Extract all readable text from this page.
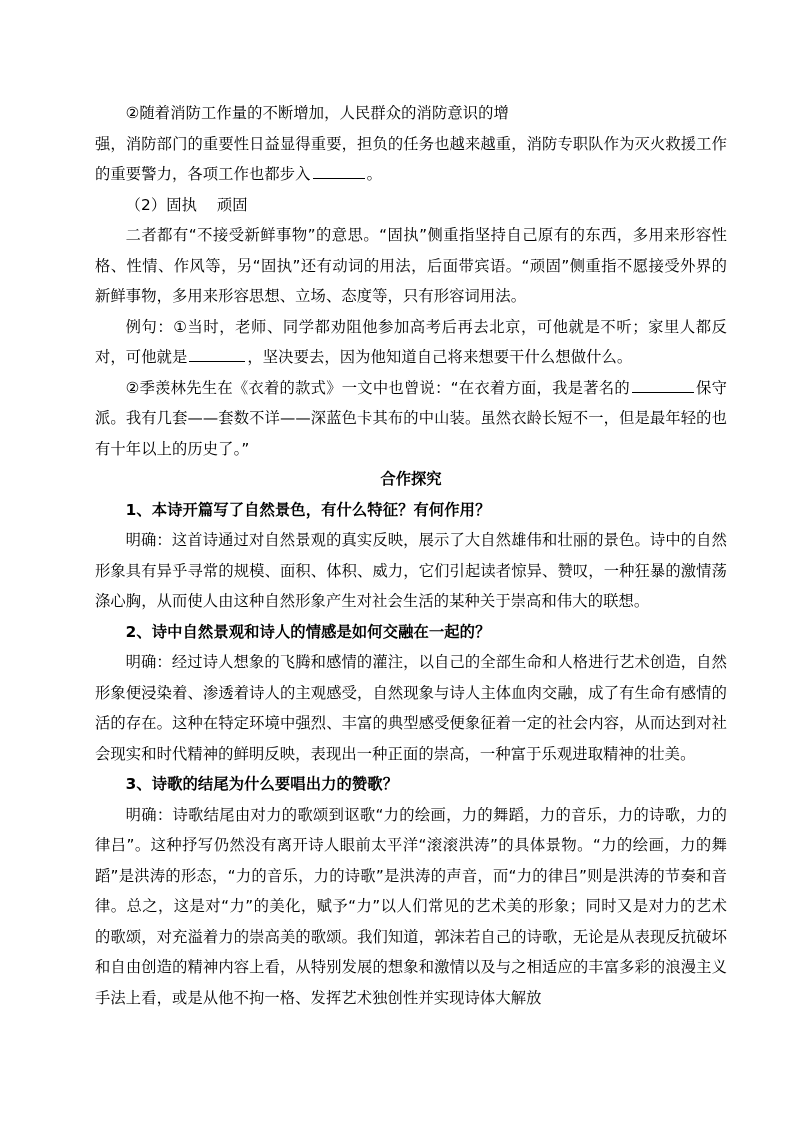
②随着消防工作量的不断增加，人民群众的消防意识的增

强，消防部门的重要性日益显得重要，担负的任务也越来越重，消防专职队作为灭火救援工作的重要警力，各项工作也都步入	。

（2）固执    顽固

二者都有“不接受新鲜事物”的意思。“固执”侧重指坚持自己原有的东西，多用来形容性格、性情、作风等，另“固执”还有动词的用法，后面带宾语。“顽固”侧重指不愿接受外界的新鲜事物，多用来形容思想、立场、态度等，只有形容词用法。

例句：①当时，老师、同学都劝阻他参加高考后再去北京，可他就是不听；家里人都反对，可他就是	，坚决要去，因为他知道自己将来想要干什么想做什么。

②季羡林先生在《衣着的款式》一文中也曾说：“在衣着方面，我是著名的	保守派。我有几套——套数不详——深蓝色卡其布的中山装。虽然衣龄长短不一，但是最年轻的也有十年以上的历史了。”

合作探究

1、本诗开篇写了自然景色，有什么特征？有何作用？

明确：这首诗通过对自然景观的真实反映，展示了大自然雄伟和壮丽的景色。诗中的自然形象具有异乎寻常的规模、面积、体积、威力，它们引起读者惊异、赞叹，一种狂暴的激情荡涤心胸，从而使人由这种自然形象产生对社会生活的某种关于崇高和伟大的联想。

2、诗中自然景观和诗人的情感是如何交融在一起的？

明确：经过诗人想象的飞腾和感情的灌注，以自己的全部生命和人格进行艺术创造，自然形象便浸染着、渗透着诗人的主观感受，自然现象与诗人主体血肉交融，成了有生命有感情的活的存在。这种在特定环境中强烈、丰富的典型感受便象征着一定的社会内容，从而达到对社会现实和时代精神的鲜明反映，表现出一种正面的崇高，一种富于乐观进取精神的壮美。

3、诗歌的结尾为什么要唱出力的赞歌？

明确：诗歌结尾由对力的歌颂到讴歌“力的绘画，力的舞蹈，力的音乐，力的诗歌，力的律吕”。这种抒写仍然没有离开诗人眼前太平洋“滚滚洪涛”的具体景物。“力的绘画，力的舞蹈”是洪涛的形态，“力的音乐，力的诗歌”是洪涛的声音，而“力的律吕”则是洪涛的节奏和音律。总之，这是对“力”的美化，赋予“力”以人们常见的艺术美的形象；同时又是对力的艺术的歌颂，对充溢着力的崇高美的歌颂。我们知道，郭沫若自己的诗歌，无论是从表现反抗破坏和自由创造的精神内容上看，从特别发展的想象和激情以及与之相适应的丰富多彩的浪漫主义手法上看，或是从他不拘一格、发挥艺术独创性并实现诗体大解放
